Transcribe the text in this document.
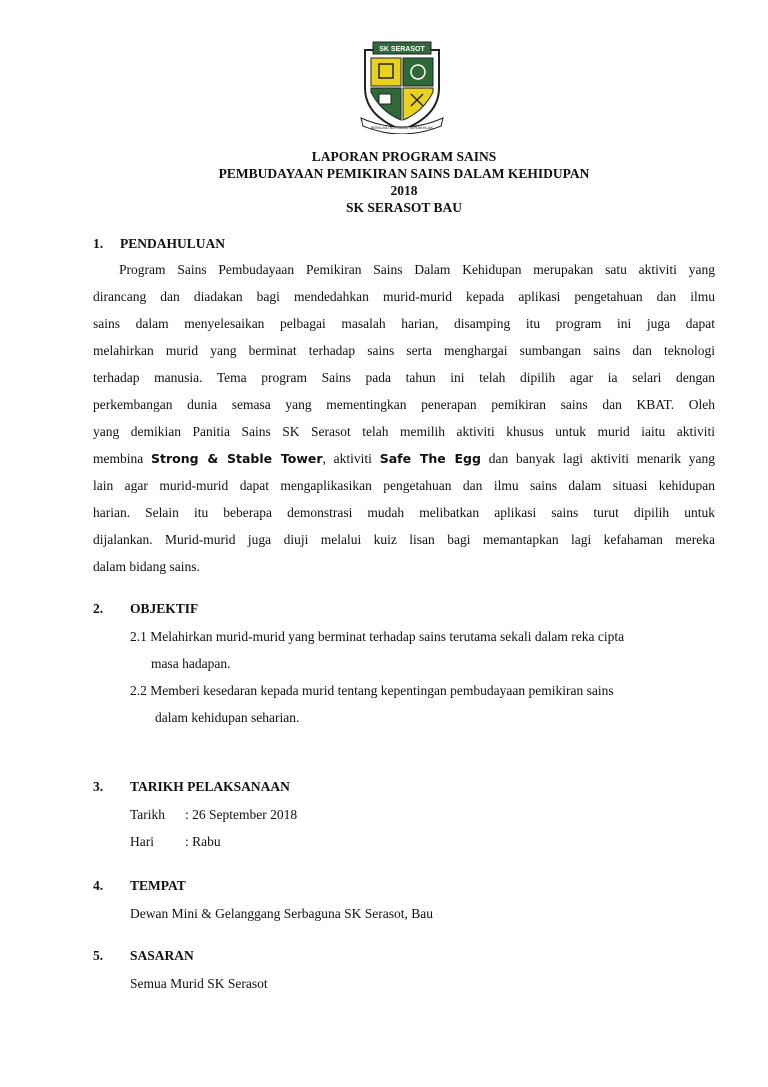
SK SERASOT
BERILMU BERIMAN BERAKHLAK
LAPORAN PROGRAM SAINS
PEMBUDAYAAN PEMIKIRAN SAINS DALAM KEHIDUPAN
2018
SK SERASOT BAU
1. PENDAHULUAN
Program Sains Pembudayaan Pemikiran Sains Dalam Kehidupan merupakan satu aktiviti yang
dirancang dan diadakan bagi mendedahkan murid-murid kepada aplikasi pengetahuan dan ilmu
sains dalam menyelesaikan pelbagai masalah harian, disamping itu program ini juga dapat
melahirkan murid yang berminat terhadap sains serta menghargai sumbangan sains dan teknologi
terhadap manusia. Tema program Sains pada tahun ini telah dipilih agar ia selari dengan
perkembangan dunia semasa yang mementingkan penerapan pemikiran sains dan KBAT. Oleh
yang demikian Panitia Sains SK Serasot telah memilih aktiviti khusus untuk murid iaitu aktiviti
membina Strong & Stable Tower, aktiviti Safe The Egg dan banyak lagi aktiviti menarik yang
lain agar murid-murid dapat mengaplikasikan pengetahuan dan ilmu sains dalam situasi kehidupan
harian. Selain itu beberapa demonstrasi mudah melibatkan aplikasi sains turut dipilih untuk
dijalankan. Murid-murid juga diuji melalui kuiz lisan bagi memantapkan lagi kefahaman mereka
dalam bidang sains.
2. OBJEKTIF
2.1 Melahirkan murid-murid yang berminat terhadap sains terutama sekali dalam reka cipta
masa hadapan.
2.2 Memberi kesedaran kepada murid tentang kepentingan pembudayaan pemikiran sains
dalam kehidupan seharian.
3. TARIKH PELAKSANAAN
Tarikh : 26 September 2018
Hari : Rabu
4. TEMPAT
Dewan Mini & Gelanggang Serbaguna SK Serasot, Bau
5. SASARAN
Semua Murid SK Serasot
